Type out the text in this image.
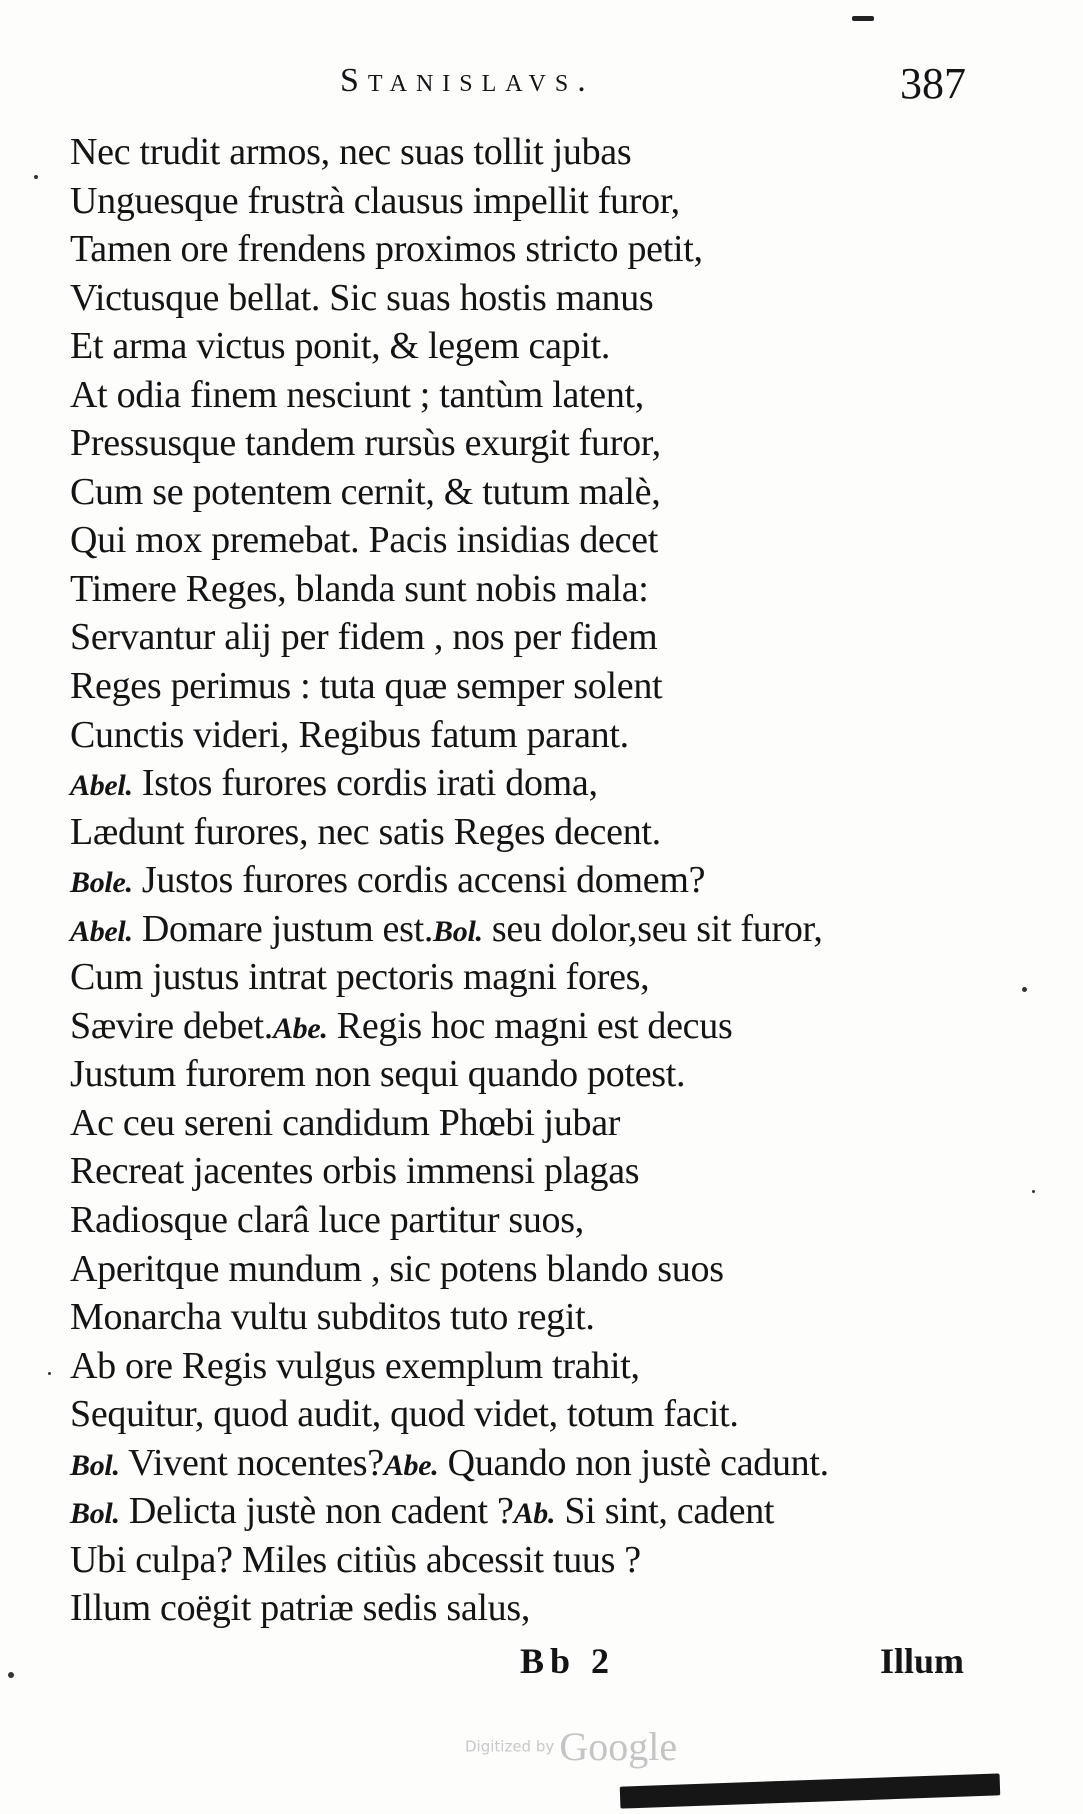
Stanislavs.	387
Nec trudit armos, nec suas tollit jubas
Unguesque frustrà clausus impellit furor,
Tamen ore frendens proximos stricto petit,
Victusque bellat. Sic suas hostis manus
Et arma victus ponit, & legem capit.
At odia finem nesciunt ; tantùm latent,
Pressusque tandem rursùs exurgit furor,
Cum se potentem cernit, & tutum malè,
Qui mox premebat. Pacis insidias decet
Timere Reges, blanda sunt nobis mala:
Servantur alij per fidem , nos per fidem
Reges perimus : tuta quæ semper solent
Cunctis videri, Regibus fatum parant.
Abel. Istos furores cordis irati doma,
Lædunt furores, nec satis Reges decent.
Bole. Justos furores cordis accensi domem?
Abel. Domare justum est.Bol. seu dolor,seu sit furor,
Cum justus intrat pectoris magni fores,
Sævire debet.Abe. Regis hoc magni est decus
Justum furorem non sequi quando potest.
Ac ceu sereni candidum Phœbi jubar
Recreat jacentes orbis immensi plagas
Radiosque clarâ luce partitur suos,
Aperitque mundum , sic potens blando suos
Monarcha vultu subditos tuto regit.
Ab ore Regis vulgus exemplum trahit,
Sequitur, quod audit, quod videt, totum facit.
Bol. Vivent nocentes?Abe. Quando non justè cadunt.
Bol. Delicta justè non cadent ?Ab. Si sint, cadent
Ubi culpa? Miles citiùs abcessit tuus ?
Illum coëgit patriæ sedis salus,
Bb 2	Illum
Digitized by Google
